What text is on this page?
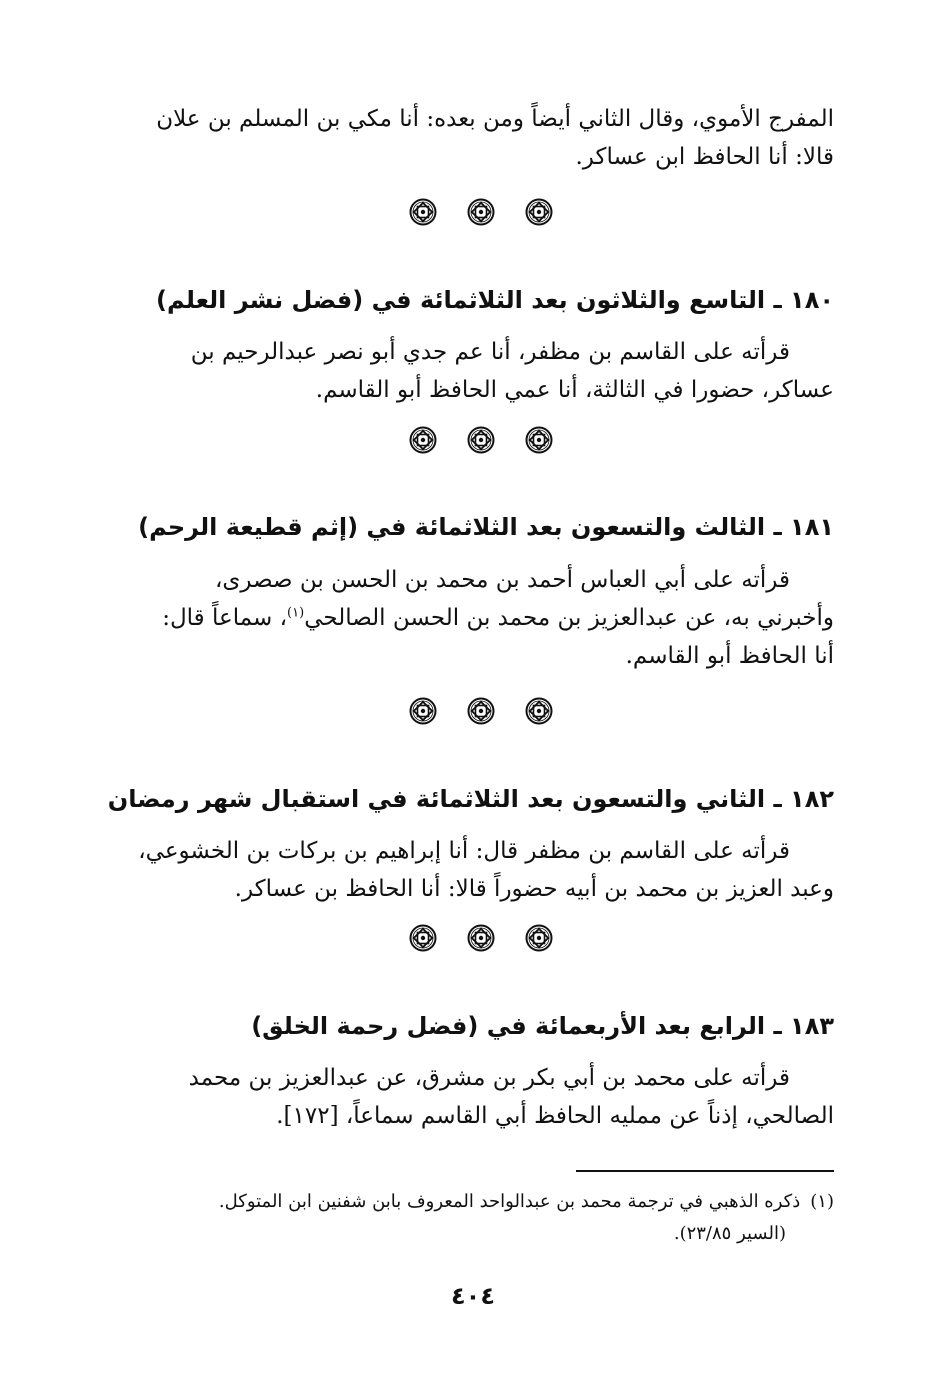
المفرج الأموي، وقال الثاني أيضاً ومن بعده: أنا مكي بن المسلم بن علان
قالا: أنا الحافظ ابن عساكر.
١٨٠ ـ التاسع والثلاثون بعد الثلاثمائة في (فضل نشر العلم)
قرأته على القاسم بن مظفر، أنا عم جدي أبو نصر عبدالرحيم بن
عساكر، حضورا في الثالثة، أنا عمي الحافظ أبو القاسم.
١٨١ ـ الثالث والتسعون بعد الثلاثمائة في (إثم قطيعة الرحم)
قرأته على أبي العباس أحمد بن محمد بن الحسن بن صصرى،
وأخبرني به، عن عبدالعزيز بن محمد بن الحسن الصالحي$^{(١)}$، سماعاً قال:
أنا الحافظ أبو القاسم.
١٨٢ ـ الثاني والتسعون بعد الثلاثمائة في استقبال شهر رمضان
قرأته على القاسم بن مظفر قال: أنا إبراهيم بن بركات بن الخشوعي،
وعبد العزيز بن محمد بن أبيه حضوراً قالا: أنا الحافظ بن عساكر.
١٨٣ ـ الرابع بعد الأربعمائة في (فضل رحمة الخلق)
قرأته على محمد بن أبي بكر بن مشرق، عن عبدالعزيز بن محمد
الصالحي، إذناً عن ممليه الحافظ أبي القاسم سماعاً، [١٧٢].
(١)ذكره الذهبي في ترجمة محمد بن عبدالواحد المعروف بابن شفنين ابن المتوكل.
(السير ٢٣/٨٥).
٤٠٤
